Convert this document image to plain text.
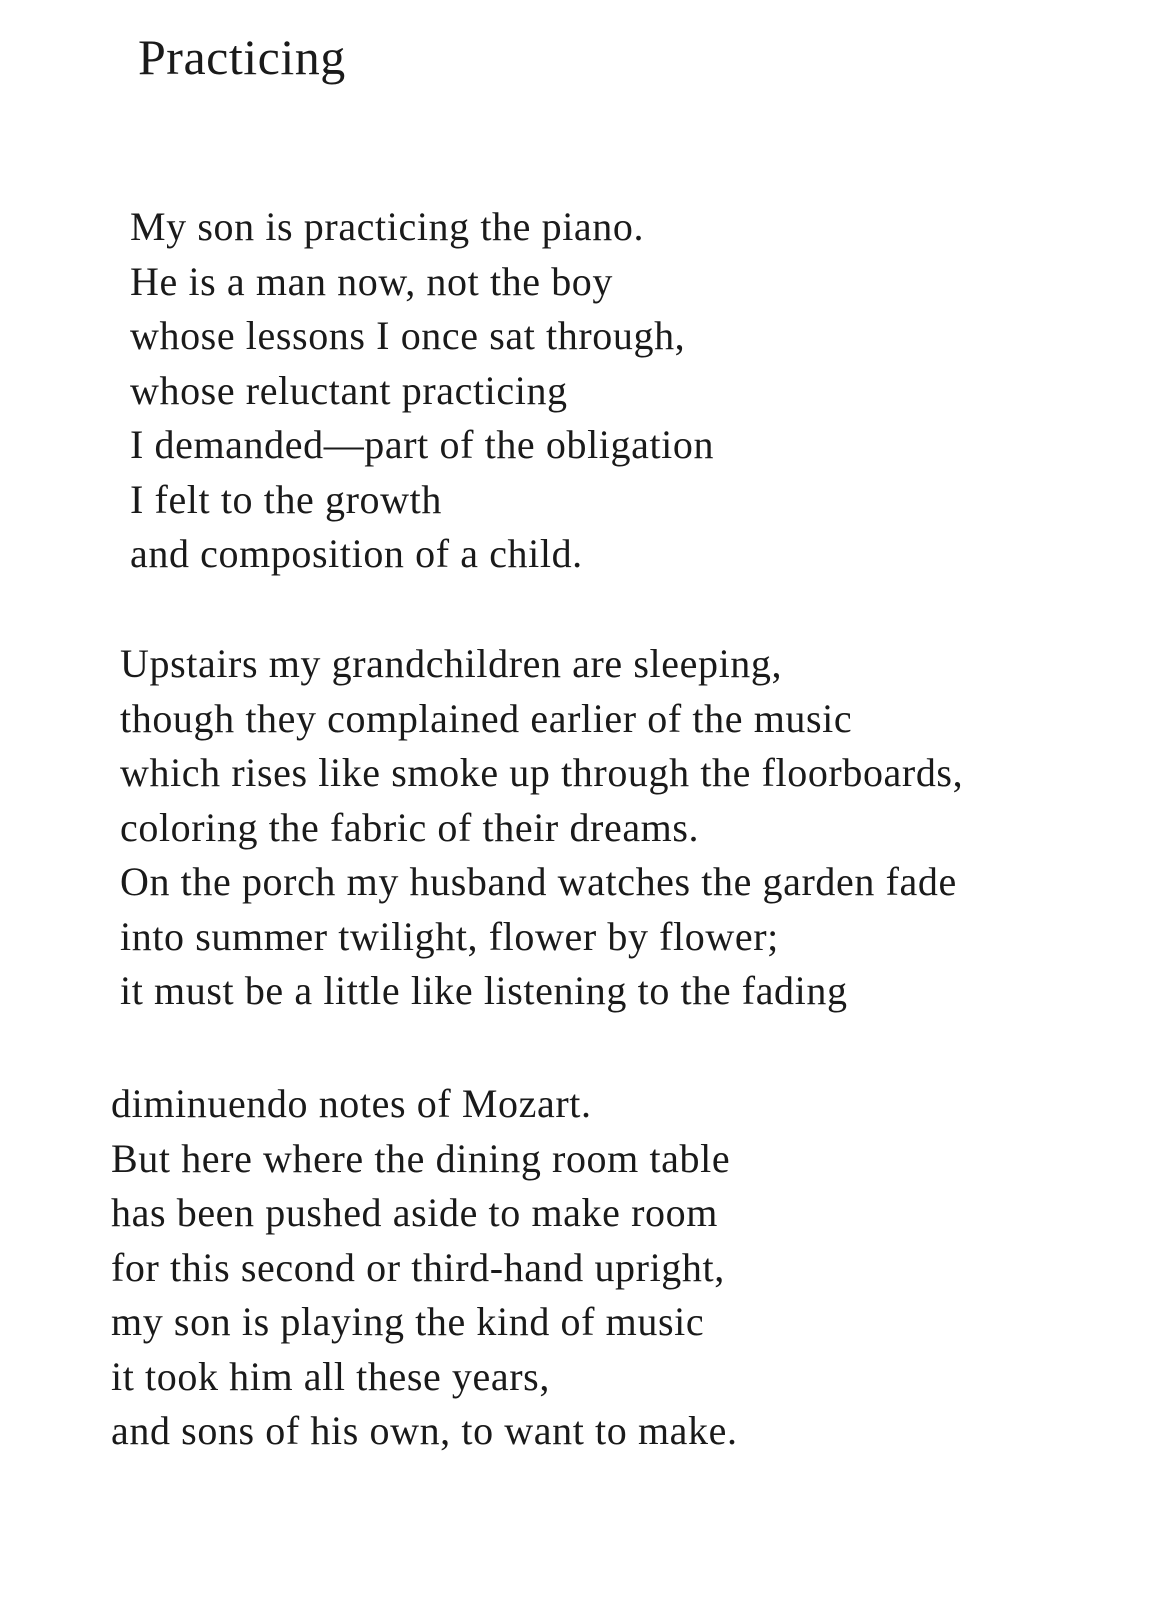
Practicing
My son is practicing the piano.
He is a man now, not the boy
whose lessons I once sat through,
whose reluctant practicing
I demanded—part of the obligation
I felt to the growth
and composition of a child.
Upstairs my grandchildren are sleeping,
though they complained earlier of the music
which rises like smoke up through the floorboards,
coloring the fabric of their dreams.
On the porch my husband watches the garden fade
into summer twilight, flower by flower;
it must be a little like listening to the fading
diminuendo notes of Mozart.
But here where the dining room table
has been pushed aside to make room
for this second or third-hand upright,
my son is playing the kind of music
it took him all these years,
and sons of his own, to want to make.
